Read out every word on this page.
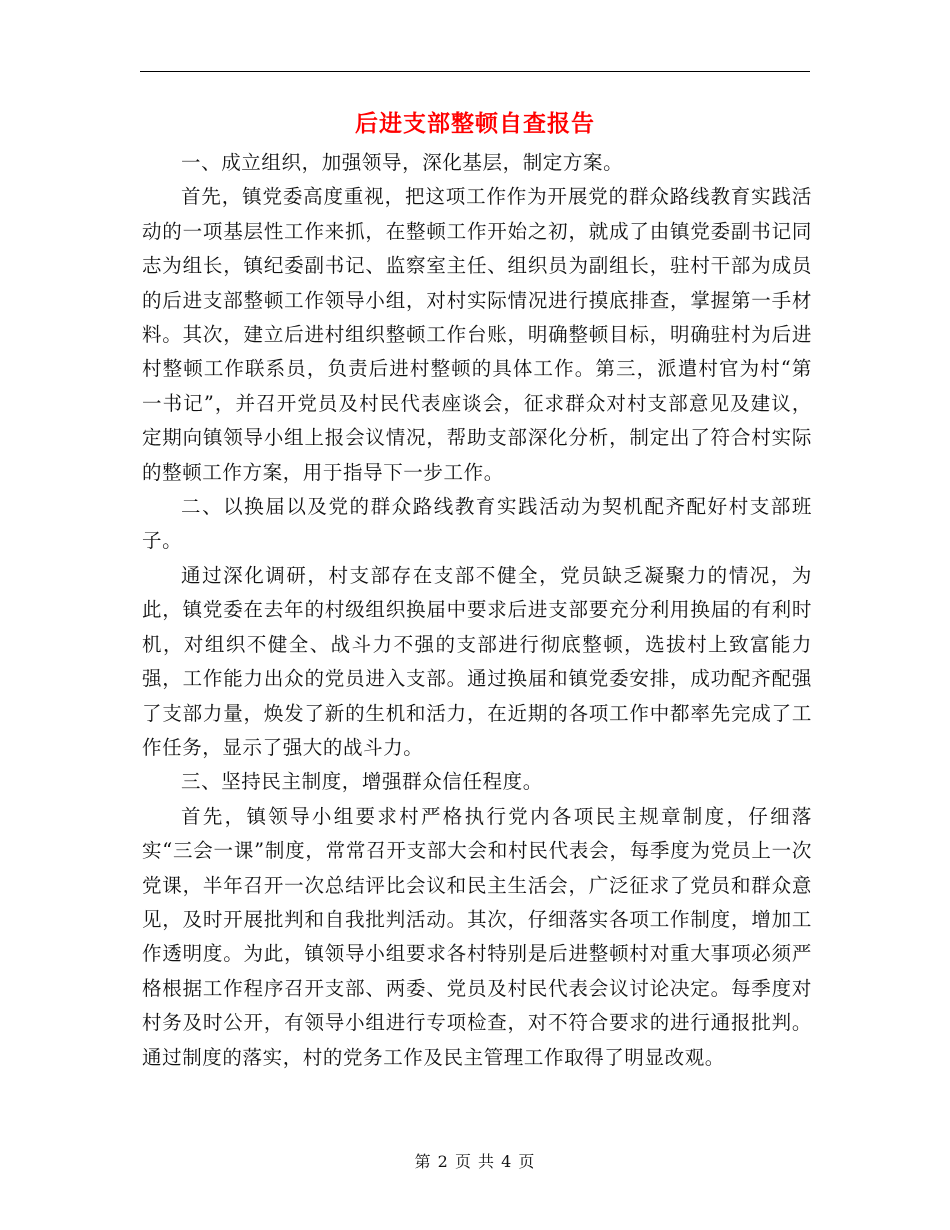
后进支部整顿自查报告

一、成立组织，加强领导，深化基层，制定方案。

首先，镇党委高度重视，把这项工作作为开展党的群众路线教育实践活动的一项基层性工作来抓，在整顿工作开始之初，就成了由镇党委副书记同志为组长，镇纪委副书记、监察室主任、组织员为副组长，驻村干部为成员的后进支部整顿工作领导小组，对村实际情况进行摸底排查，掌握第一手材料。其次，建立后进村组织整顿工作台账，明确整顿目标，明确驻村为后进村整顿工作联系员，负责后进村整顿的具体工作。第三，派遣村官为村“第一书记”，并召开党员及村民代表座谈会，征求群众对村支部意见及建议，定期向镇领导小组上报会议情况，帮助支部深化分析，制定出了符合村实际的整顿工作方案，用于指导下一步工作。

二、以换届以及党的群众路线教育实践活动为契机配齐配好村支部班子。

通过深化调研，村支部存在支部不健全，党员缺乏凝聚力的情况，为此，镇党委在去年的村级组织换届中要求后进支部要充分利用换届的有利时机，对组织不健全、战斗力不强的支部进行彻底整顿，选拔村上致富能力强，工作能力出众的党员进入支部。通过换届和镇党委安排，成功配齐配强了支部力量，焕发了新的生机和活力，在近期的各项工作中都率先完成了工作任务，显示了强大的战斗力。

三、坚持民主制度，增强群众信任程度。

首先，镇领导小组要求村严格执行党内各项民主规章制度，仔细落实“三会一课”制度，常常召开支部大会和村民代表会，每季度为党员上一次党课，半年召开一次总结评比会议和民主生活会，广泛征求了党员和群众意见，及时开展批判和自我批判活动。其次，仔细落实各项工作制度，增加工作透明度。为此，镇领导小组要求各村特别是后进整顿村对重大事项必须严格根据工作程序召开支部、两委、党员及村民代表会议讨论决定。每季度对村务及时公开，有领导小组进行专项检查，对不符合要求的进行通报批判。通过制度的落实，村的党务工作及民主管理工作取得了明显改观。

第 2 页 共 4 页
